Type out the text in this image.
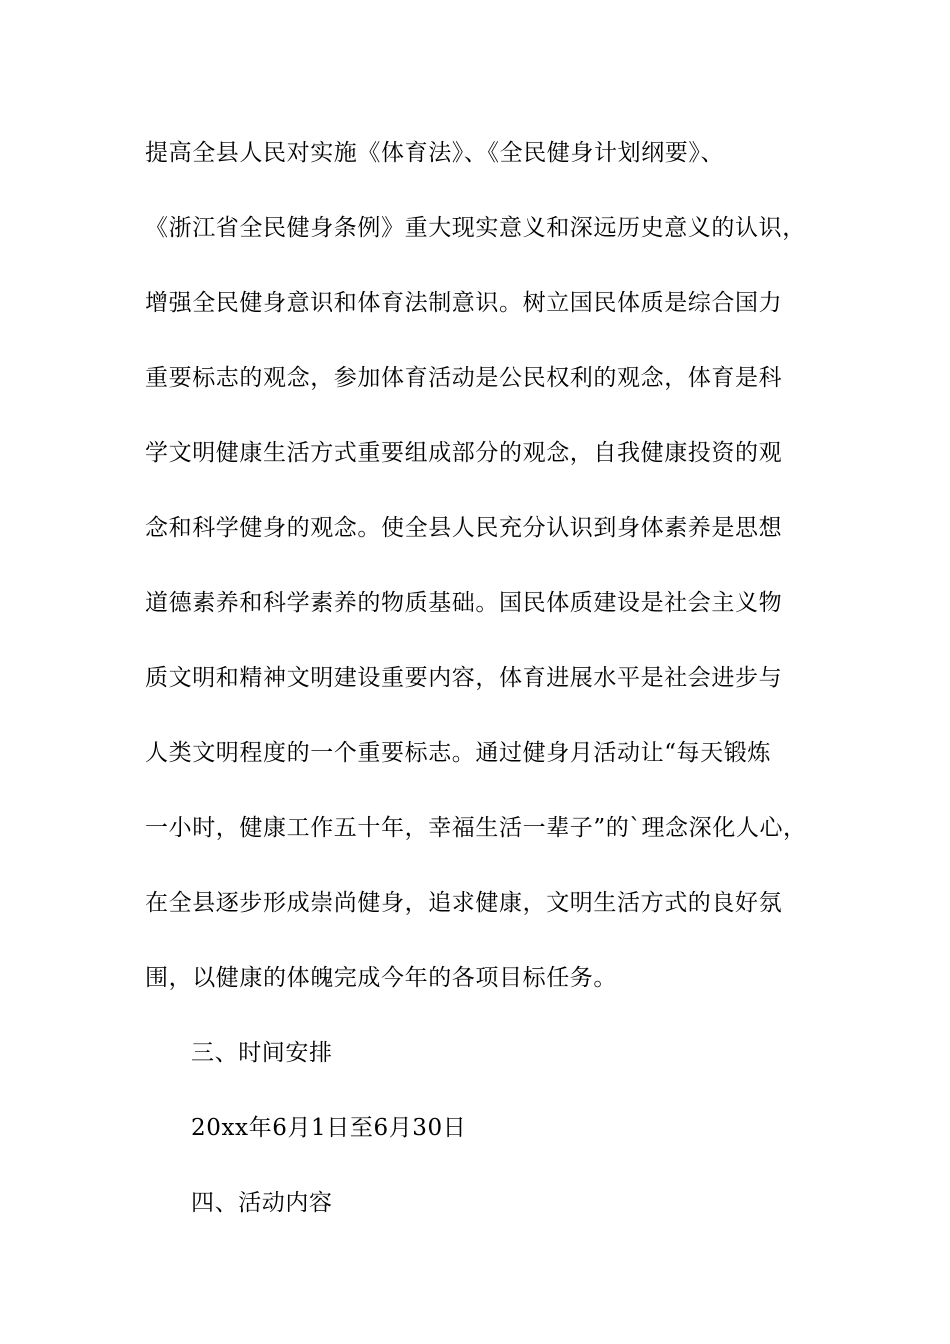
提高全县人民对实施《体育法》、《全民健身计划纲要》、
《浙江省全民健身条例》重大现实意义和深远历史意义的认识，
增强全民健身意识和体育法制意识。树立国民体质是综合国力
重要标志的观念，参加体育活动是公民权利的观念，体育是科
学文明健康生活方式重要组成部分的观念，自我健康投资的观
念和科学健身的观念。使全县人民充分认识到身体素养是思想
道德素养和科学素养的物质基础。国民体质建设是社会主义物
质文明和精神文明建设重要内容，体育进展水平是社会进步与
人类文明程度的一个重要标志。通过健身月活动让“每天锻炼
一小时，健康工作五十年，幸福生活一辈子”的`理念深化人心，
在全县逐步形成崇尚健身，追求健康，文明生活方式的良好氛
围，以健康的体魄完成今年的各项目标任务。
三、时间安排
20xx年6月1日至6月30日
四、活动内容
